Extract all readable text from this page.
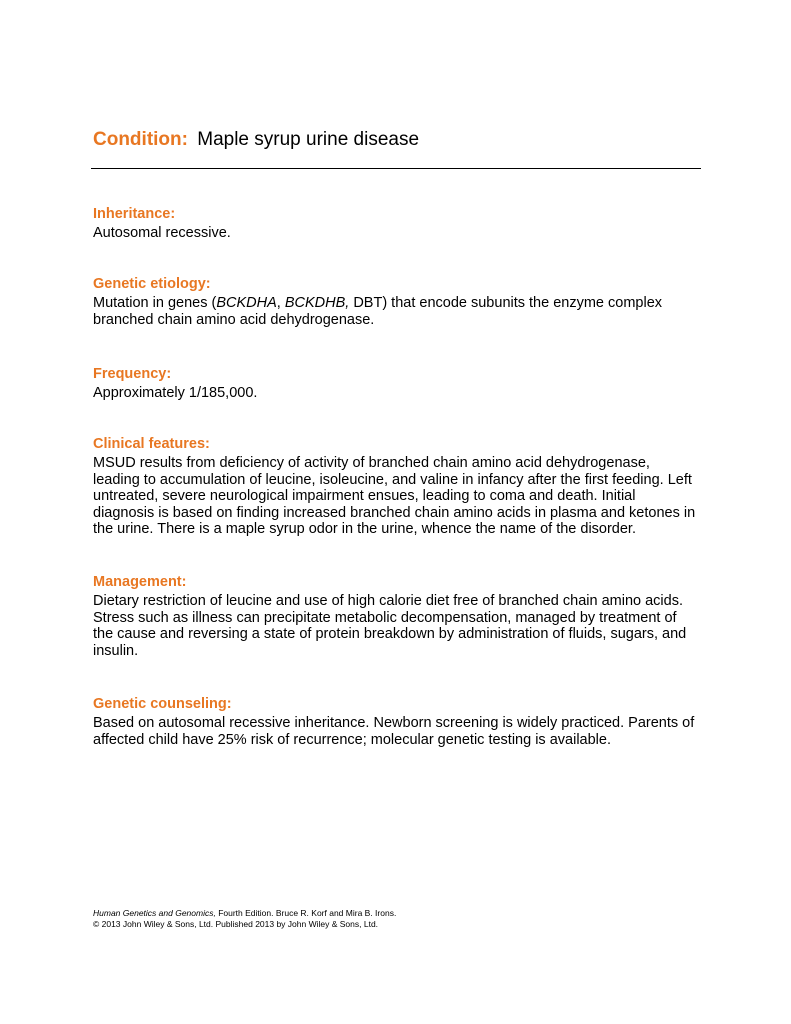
Condition: Maple syrup urine disease
Inheritance:

Autosomal recessive.

Genetic etiology:

Mutation in genes (BCKDHA, BCKDHB, DBT) that encode subunits the enzyme complex branched chain amino acid dehydrogenase.

Frequency:

Approximately 1/185,000.

Clinical features:

MSUD results from deficiency of activity of branched chain amino acid dehydrogenase, leading to accumulation of leucine, isoleucine, and valine in infancy after the first feeding. Left untreated, severe neurological impairment ensues, leading to coma and death. Initial diagnosis is based on finding increased branched chain amino acids in plasma and ketones in the urine. There is a maple syrup odor in the urine, whence the name of the disorder.

Management:

Dietary restriction of leucine and use of high calorie diet free of branched chain amino acids. Stress such as illness can precipitate metabolic decompensation, managed by treatment of the cause and reversing a state of protein breakdown by administration of fluids, sugars, and insulin.

Genetic counseling:

Based on autosomal recessive inheritance. Newborn screening is widely practiced. Parents of affected child have 25% risk of recurrence; molecular genetic testing is available.

Human Genetics and Genomics, Fourth Edition. Bruce R. Korf and Mira B. Irons.
© 2013 John Wiley & Sons, Ltd. Published 2013 by John Wiley & Sons, Ltd.
